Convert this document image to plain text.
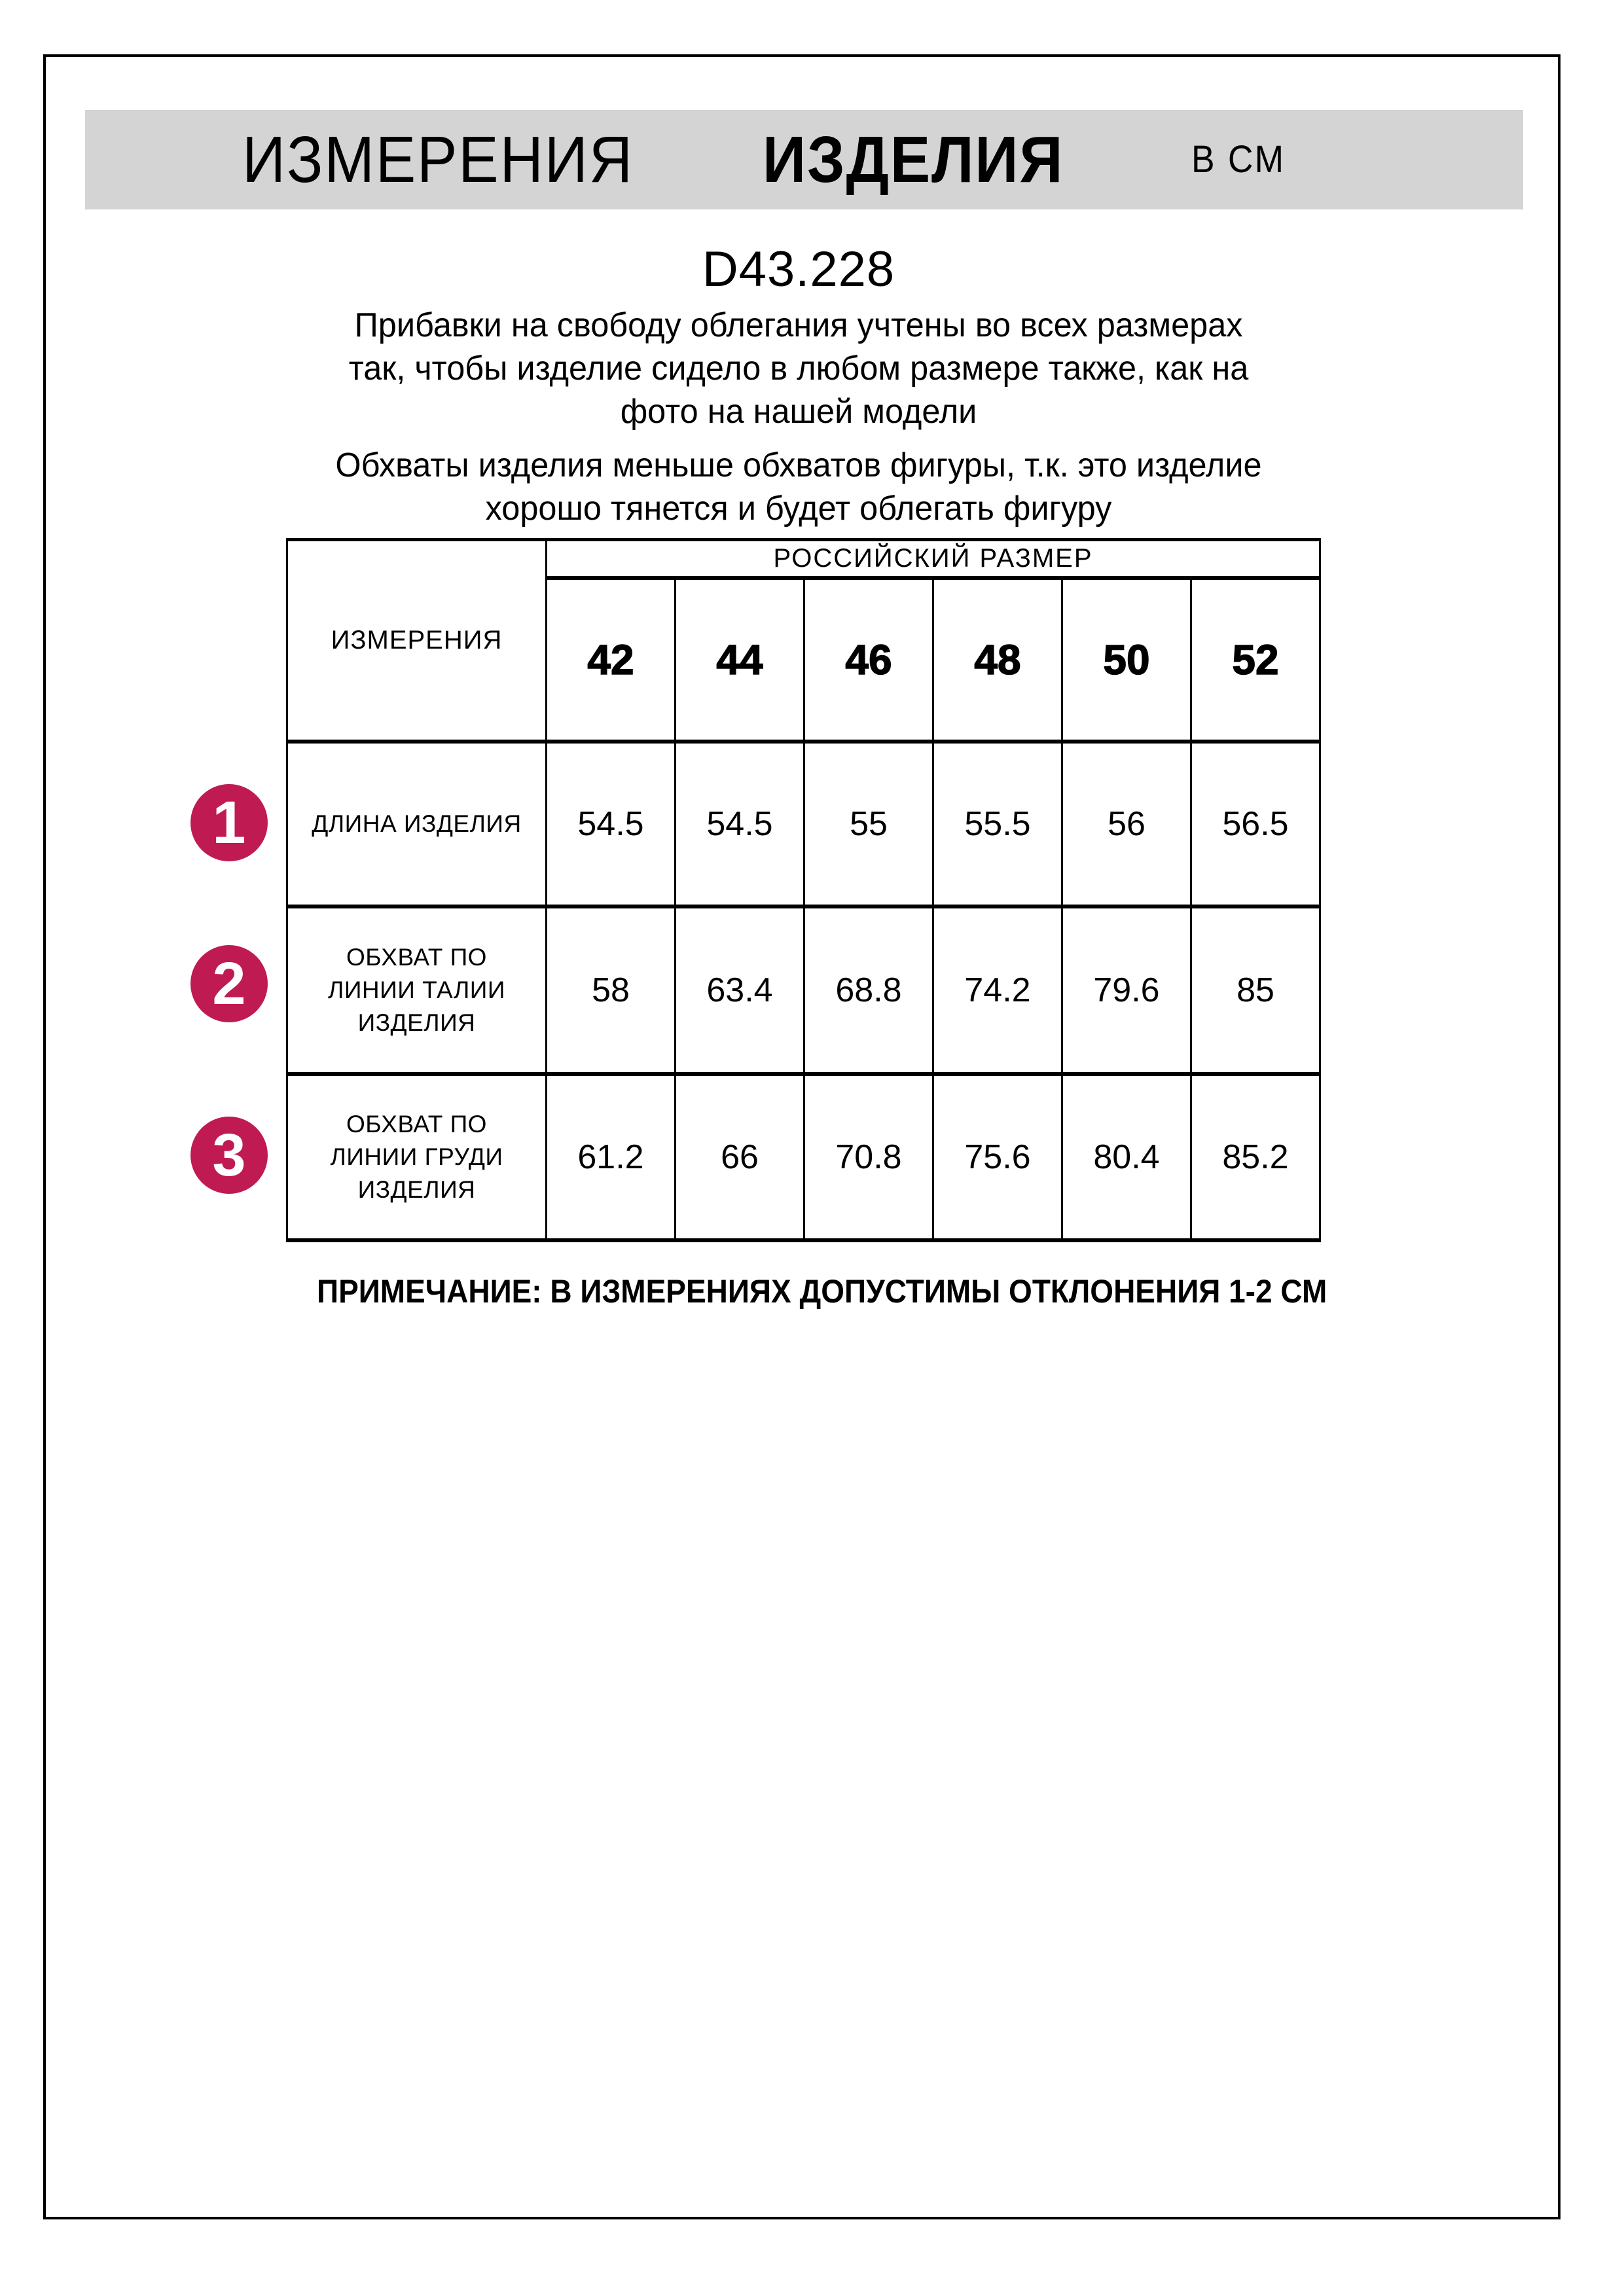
ИЗМЕРЕНИЯ ИЗДЕЛИЯ	В СМ
D43.228
Прибавки на свободу облегания учтены во всех размерах
так, чтобы изделие сидело в любом размере также, как на
фото на нашей модели
Обхваты изделия меньше обхватов фигуры, т.к. это изделие
хорошо тянется и будет облегать фигуру
ИЗМЕРЕНИЯ	РОССИЙСКИЙ РАЗМЕР					
	42	44	46	48	50	52

ДЛИНА ИЗДЕЛИЯ	54.5	54.5	55	55.5	56	56.5

ОБХВАТ ПО
ЛИНИИ ТАЛИИ
ИЗДЕЛИЯ	58	63.4	68.8	74.2	79.6	85

ОБХВАТ ПО
ЛИНИИ ГРУДИ
ИЗДЕЛИЯ	61.2	66	70.8	75.6	80.4	85.2
1
2
3
ПРИМЕЧАНИЕ: В ИЗМЕРЕНИЯХ ДОПУСТИМЫ ОТКЛОНЕНИЯ 1-2 СМ
